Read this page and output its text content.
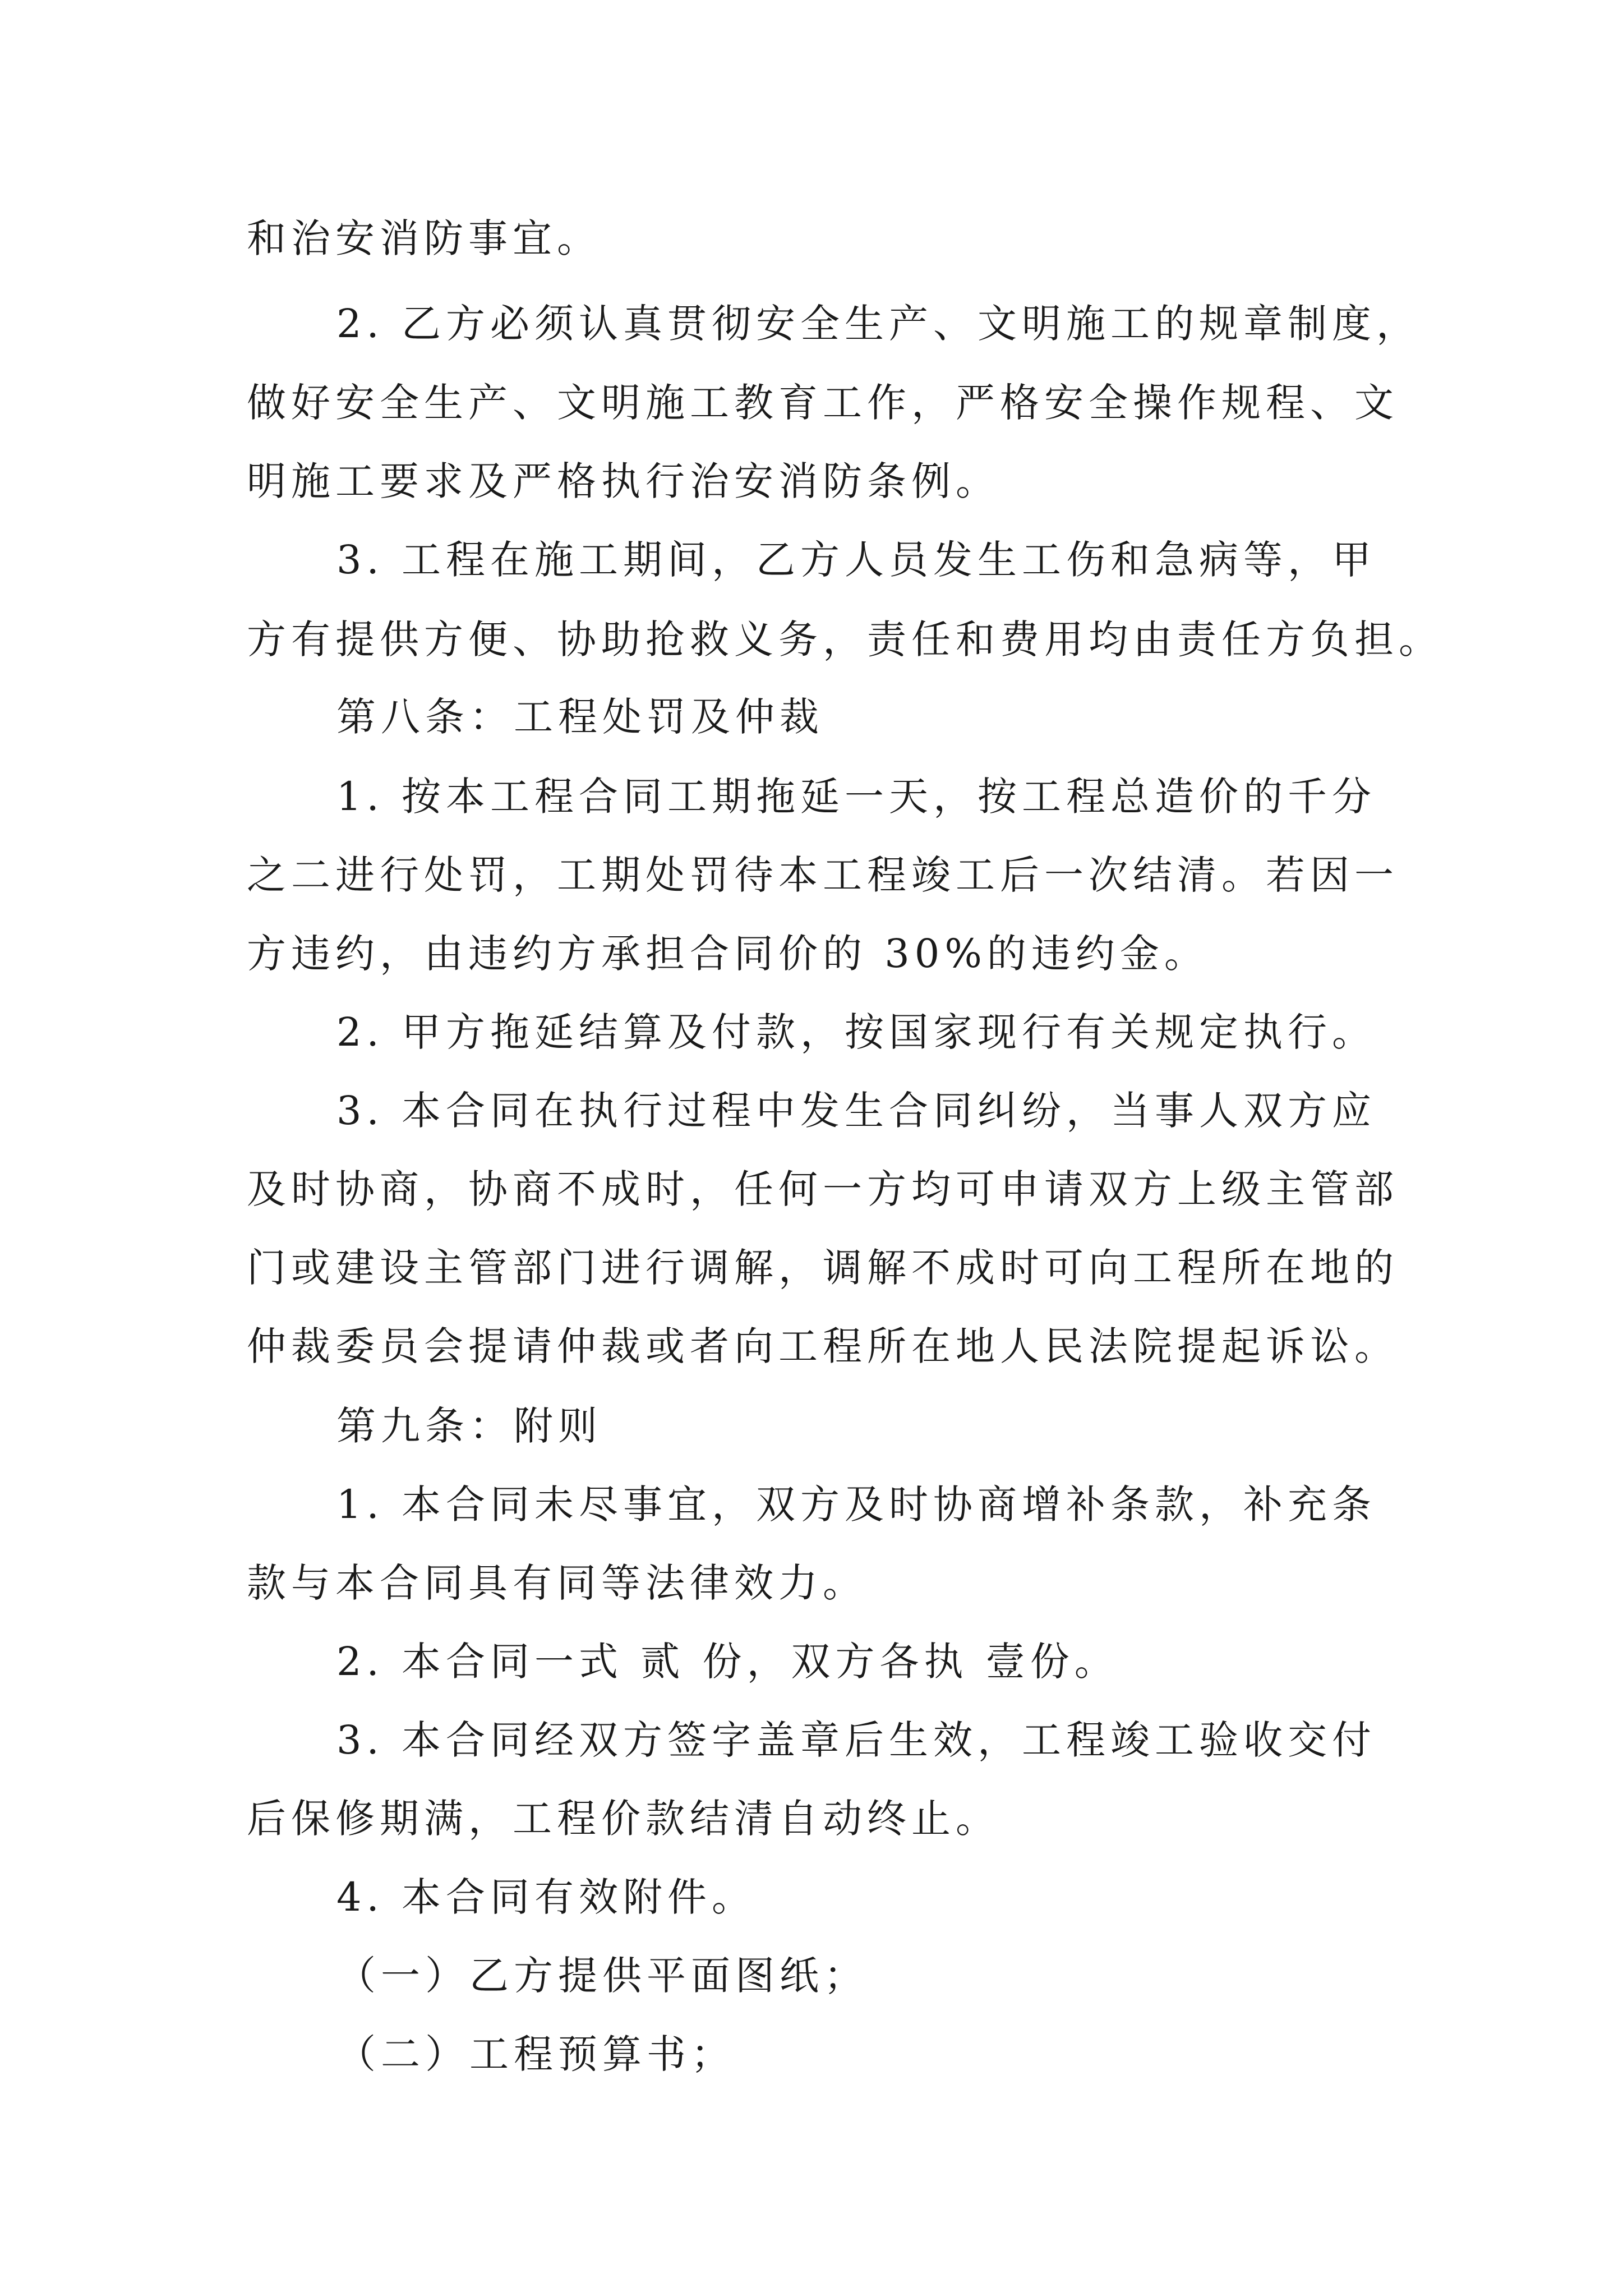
和治安消防事宜。

2. 乙方必须认真贯彻安全生产、文明施工的规章制度，

做好安全生产、文明施工教育工作，严格安全操作规程、文

明施工要求及严格执行治安消防条例。

3. 工程在施工期间，乙方人员发生工伤和急病等，甲

方有提供方便、协助抢救义务，责任和费用均由责任方负担。

第八条：工程处罚及仲裁

1. 按本工程合同工期拖延一天，按工程总造价的千分

之二进行处罚，工期处罚待本工程竣工后一次结清。若因一

方违约，由违约方承担合同价的 30%的违约金。

2. 甲方拖延结算及付款，按国家现行有关规定执行。

3. 本合同在执行过程中发生合同纠纷，当事人双方应

及时协商，协商不成时，任何一方均可申请双方上级主管部

门或建设主管部门进行调解，调解不成时可向工程所在地的

仲裁委员会提请仲裁或者向工程所在地人民法院提起诉讼。

第九条：附则

1. 本合同未尽事宜，双方及时协商增补条款，补充条

款与本合同具有同等法律效力。

2. 本合同一式 贰 份，双方各执 壹份。

3. 本合同经双方签字盖章后生效，工程竣工验收交付

后保修期满，工程价款结清自动终止。

4. 本合同有效附件。

（一）乙方提供平面图纸；

（二）工程预算书；
